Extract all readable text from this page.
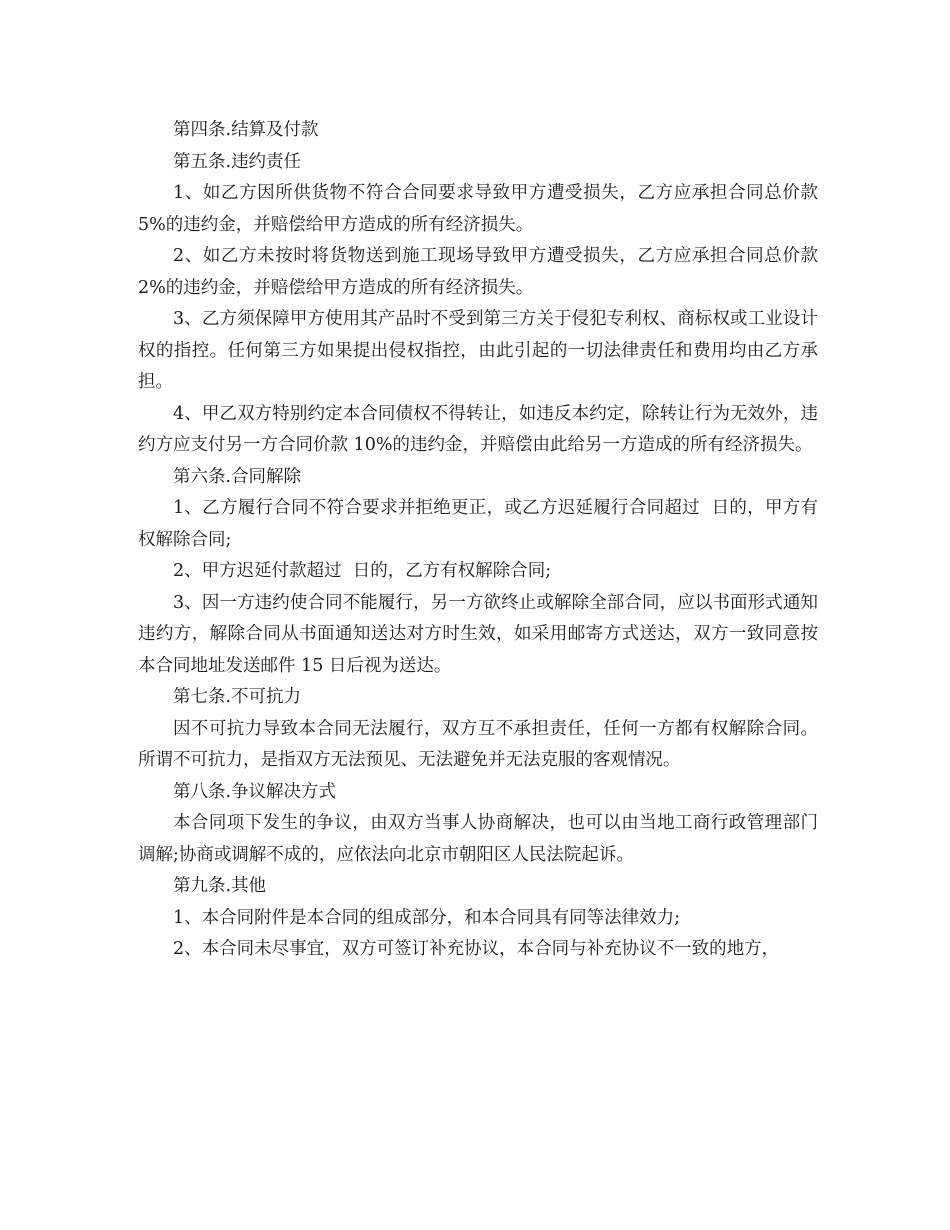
第四条.结算及付款

第五条.违约责任

1、如乙方因所供货物不符合合同要求导致甲方遭受损失，乙方应承担合同总价款 5%的违约金，并赔偿给甲方造成的所有经济损失。

2、如乙方未按时将货物送到施工现场导致甲方遭受损失，乙方应承担合同总价款 2%的违约金，并赔偿给甲方造成的所有经济损失。

3、乙方须保障甲方使用其产品时不受到第三方关于侵犯专利权、商标权或工业设计权的指控。任何第三方如果提出侵权指控，由此引起的一切法律责任和费用均由乙方承担。

4、甲乙双方特别约定本合同债权不得转让，如违反本约定，除转让行为无效外，违约方应支付另一方合同价款 10%的违约金，并赔偿由此给另一方造成的所有经济损失。

第六条.合同解除

1、乙方履行合同不符合要求并拒绝更正，或乙方迟延履行合同超过  日的，甲方有权解除合同;

2、甲方迟延付款超过  日的，乙方有权解除合同;

3、因一方违约使合同不能履行，另一方欲终止或解除全部合同，应以书面形式通知违约方，解除合同从书面通知送达对方时生效，如采用邮寄方式送达，双方一致同意按本合同地址发送邮件 15 日后视为送达。

第七条.不可抗力

因不可抗力导致本合同无法履行，双方互不承担责任，任何一方都有权解除合同。所谓不可抗力，是指双方无法预见、无法避免并无法克服的客观情况。

第八条.争议解决方式

本合同项下发生的争议，由双方当事人协商解决，也可以由当地工商行政管理部门调解;协商或调解不成的，应依法向北京市朝阳区人民法院起诉。

第九条.其他

1、本合同附件是本合同的组成部分，和本合同具有同等法律效力;

2、本合同未尽事宜，双方可签订补充协议，本合同与补充协议不一致的地方，
